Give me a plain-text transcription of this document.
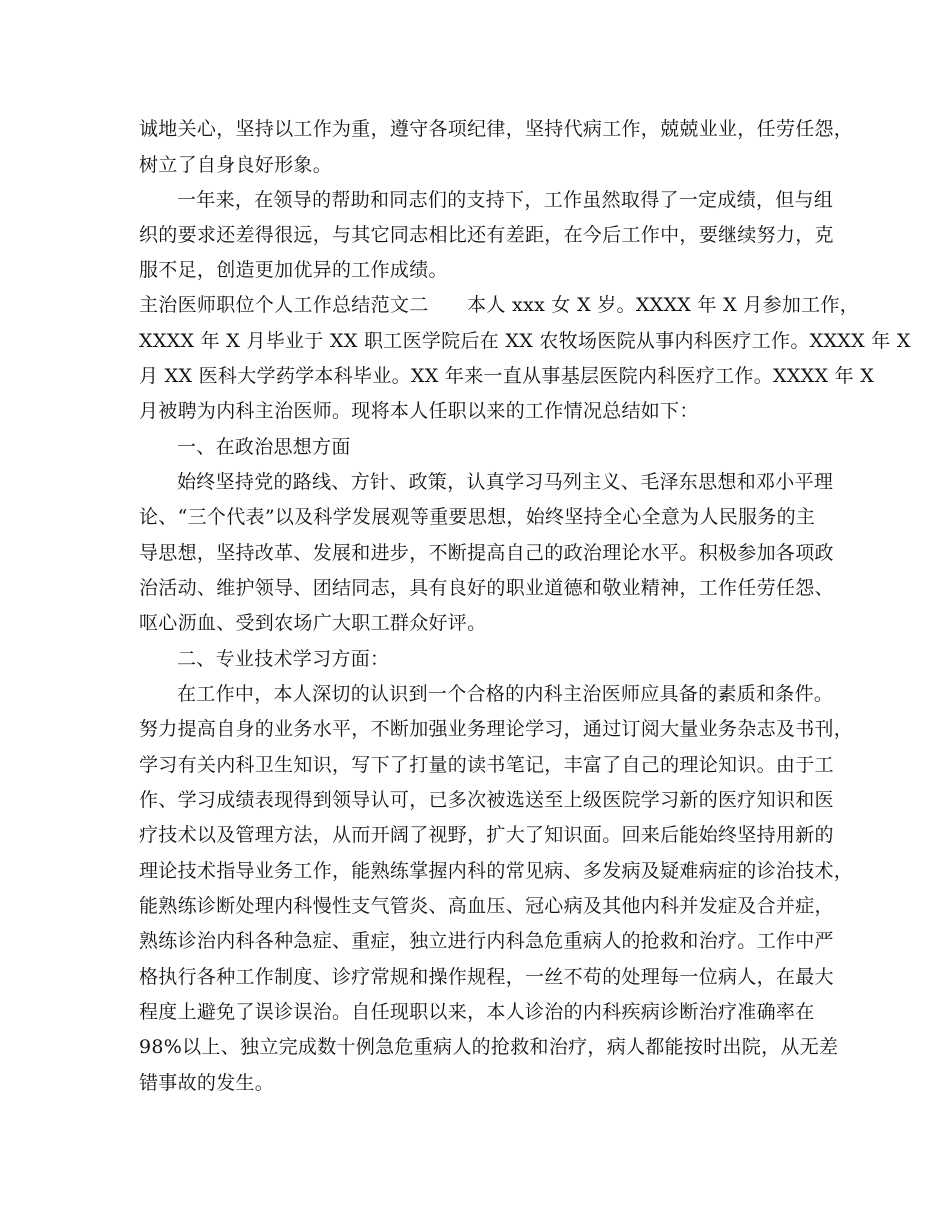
诚地关心，坚持以工作为重，遵守各项纪律，坚持代病工作，兢兢业业，任劳任怨，
树立了自身良好形象。
一年来，在领导的帮助和同志们的支持下，工作虽然取得了一定成绩，但与组
织的要求还差得很远，与其它同志相比还有差距，在今后工作中，要继续努力，克
服不足，创造更加优异的工作成绩。
主治医师职位个人工作总结范文二　　本人 xxx 女 X 岁。XXXX 年 X 月参加工作，
XXXX 年 X 月毕业于 XX 职工医学院后在 XX 农牧场医院从事内科医疗工作。XXXX 年 X
月 XX 医科大学药学本科毕业。XX 年来一直从事基层医院内科医疗工作。XXXX 年 X
月被聘为内科主治医师。现将本人任职以来的工作情况总结如下：
一、在政治思想方面
始终坚持党的路线、方针、政策，认真学习马列主义、毛泽东思想和邓小平理
论、“三个代表”以及科学发展观等重要思想，始终坚持全心全意为人民服务的主
导思想，坚持改革、发展和进步，不断提高自己的政治理论水平。积极参加各项政
治活动、维护领导、团结同志，具有良好的职业道德和敬业精神，工作任劳任怨、
呕心沥血、受到农场广大职工群众好评。
二、专业技术学习方面：
在工作中，本人深切的认识到一个合格的内科主治医师应具备的素质和条件。
努力提高自身的业务水平，不断加强业务理论学习，通过订阅大量业务杂志及书刊，
学习有关内科卫生知识，写下了打量的读书笔记，丰富了自己的理论知识。由于工
作、学习成绩表现得到领导认可，已多次被选送至上级医院学习新的医疗知识和医
疗技术以及管理方法，从而开阔了视野，扩大了知识面。回来后能始终坚持用新的
理论技术指导业务工作，能熟练掌握内科的常见病、多发病及疑难病症的诊治技术，
能熟练诊断处理内科慢性支气管炎、高血压、冠心病及其他内科并发症及合并症，
熟练诊治内科各种急症、重症，独立进行内科急危重病人的抢救和治疗。工作中严
格执行各种工作制度、诊疗常规和操作规程，一丝不苟的处理每一位病人，在最大
程度上避免了误诊误治。自任现职以来，本人诊治的内科疾病诊断治疗准确率在
98%以上、独立完成数十例急危重病人的抢救和治疗，病人都能按时出院，从无差
错事故的发生。
